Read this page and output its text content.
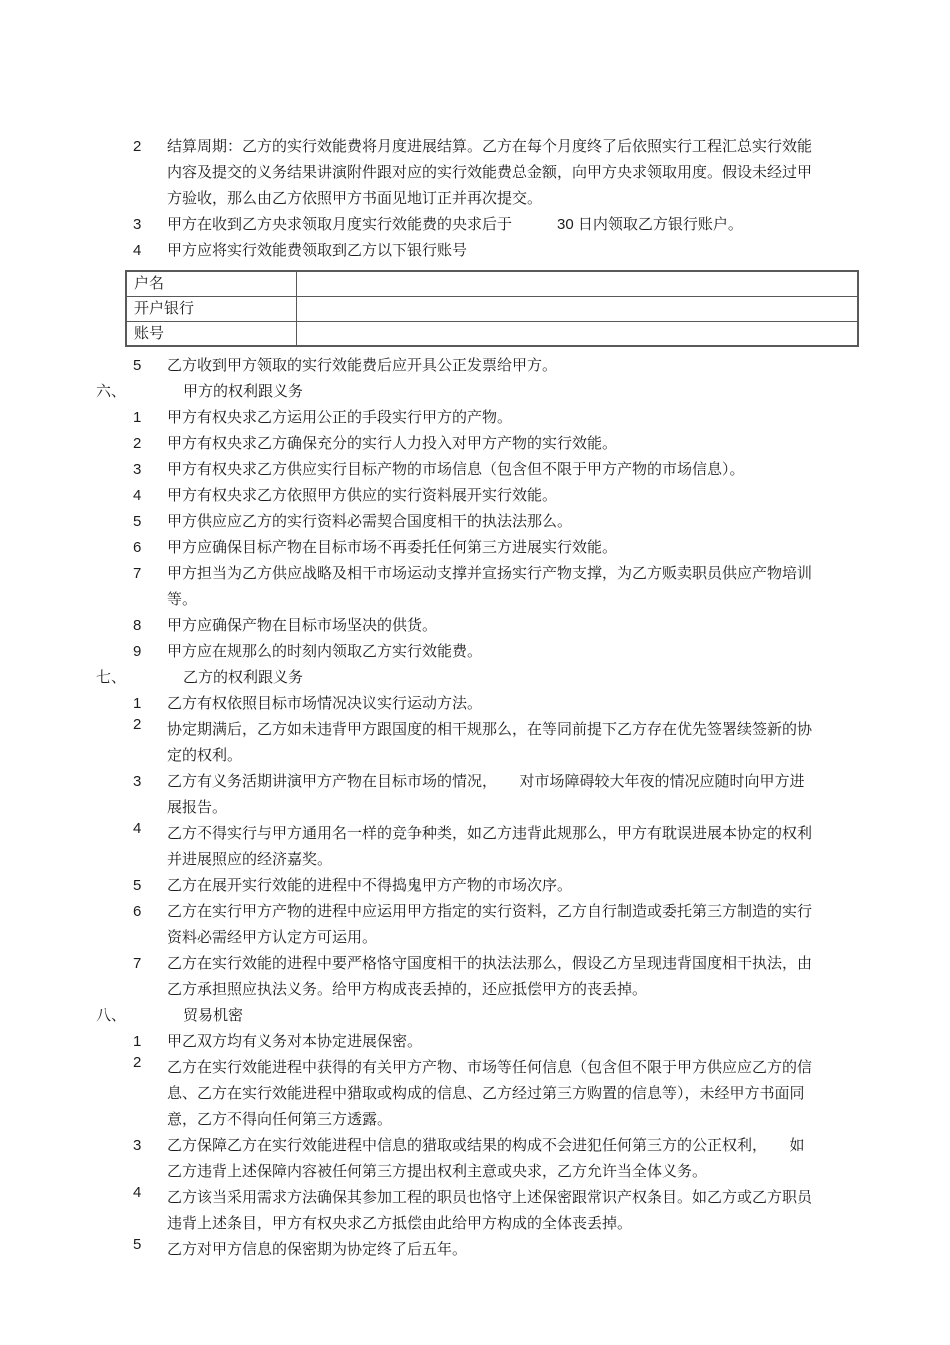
2	结算周期：乙方的实行效能费将月度进展结算。乙方在每个月度终了后依照实行工程汇总实行效能内容及提交的义务结果讲演附件跟对应的实行效能费总金额，向甲方央求领取用度。假设未经过甲方验收，那么由乙方依照甲方书面见地订正并再次提交。
3	甲方在收到乙方央求领取月度实行效能费的央求后于　　　30 日内领取乙方银行账户。
4	甲方应将实行效能费领取到乙方以下银行账号
户名	
开户银行	
账号	
5	乙方收到甲方领取的实行效能费后应开具公正发票给甲方。
六、	甲方的权利跟义务
1	甲方有权央求乙方运用公正的手段实行甲方的产物。
2	甲方有权央求乙方确保充分的实行人力投入对甲方产物的实行效能。
3	甲方有权央求乙方供应实行目标产物的市场信息（包含但不限于甲方产物的市场信息）。
4	甲方有权央求乙方依照甲方供应的实行资料展开实行效能。
5	甲方供应应乙方的实行资料必需契合国度相干的执法法那么。
6	甲方应确保目标产物在目标市场不再委托任何第三方进展实行效能。
7	甲方担当为乙方供应战略及相干市场运动支撑并宣扬实行产物支撑，为乙方贩卖职员供应产物培训等。
8	甲方应确保产物在目标市场坚决的供货。
9	甲方应在规那么的时刻内领取乙方实行效能费。
七、	乙方的权利跟义务
1	乙方有权依照目标市场情况决议实行运动方法。
2	协定期满后，乙方如未违背甲方跟国度的相干规那么，在等同前提下乙方存在优先签署续签新的协定的权利。
3	乙方有义务活期讲演甲方产物在目标市场的情况，　　对市场障碍较大年夜的情况应随时向甲方进展报告。
4	乙方不得实行与甲方通用名一样的竞争种类，如乙方违背此规那么，甲方有耽误进展本协定的权利并进展照应的经济嘉奖。
5	乙方在展开实行效能的进程中不得捣鬼甲方产物的市场次序。
6	乙方在实行甲方产物的进程中应运用甲方指定的实行资料，乙方自行制造或委托第三方制造的实行资料必需经甲方认定方可运用。
7	乙方在实行效能的进程中要严格恪守国度相干的执法法那么，假设乙方呈现违背国度相干执法，由乙方承担照应执法义务。给甲方构成丧丢掉的，还应抵偿甲方的丧丢掉。
八、	贸易机密
1	甲乙双方均有义务对本协定进展保密。
2	乙方在实行效能进程中获得的有关甲方产物、市场等任何信息（包含但不限于甲方供应应乙方的信息、乙方在实行效能进程中猎取或构成的信息、乙方经过第三方购置的信息等），未经甲方书面同意，乙方不得向任何第三方透露。
3	乙方保障乙方在实行效能进程中信息的猎取或结果的构成不会进犯任何第三方的公正权利，　　如乙方违背上述保障内容被任何第三方提出权利主意或央求，乙方允许当全体义务。
4	乙方该当采用需求方法确保其参加工程的职员也恪守上述保密跟常识产权条目。如乙方或乙方职员违背上述条目，甲方有权央求乙方抵偿由此给甲方构成的全体丧丢掉。
5	乙方对甲方信息的保密期为协定终了后五年。
